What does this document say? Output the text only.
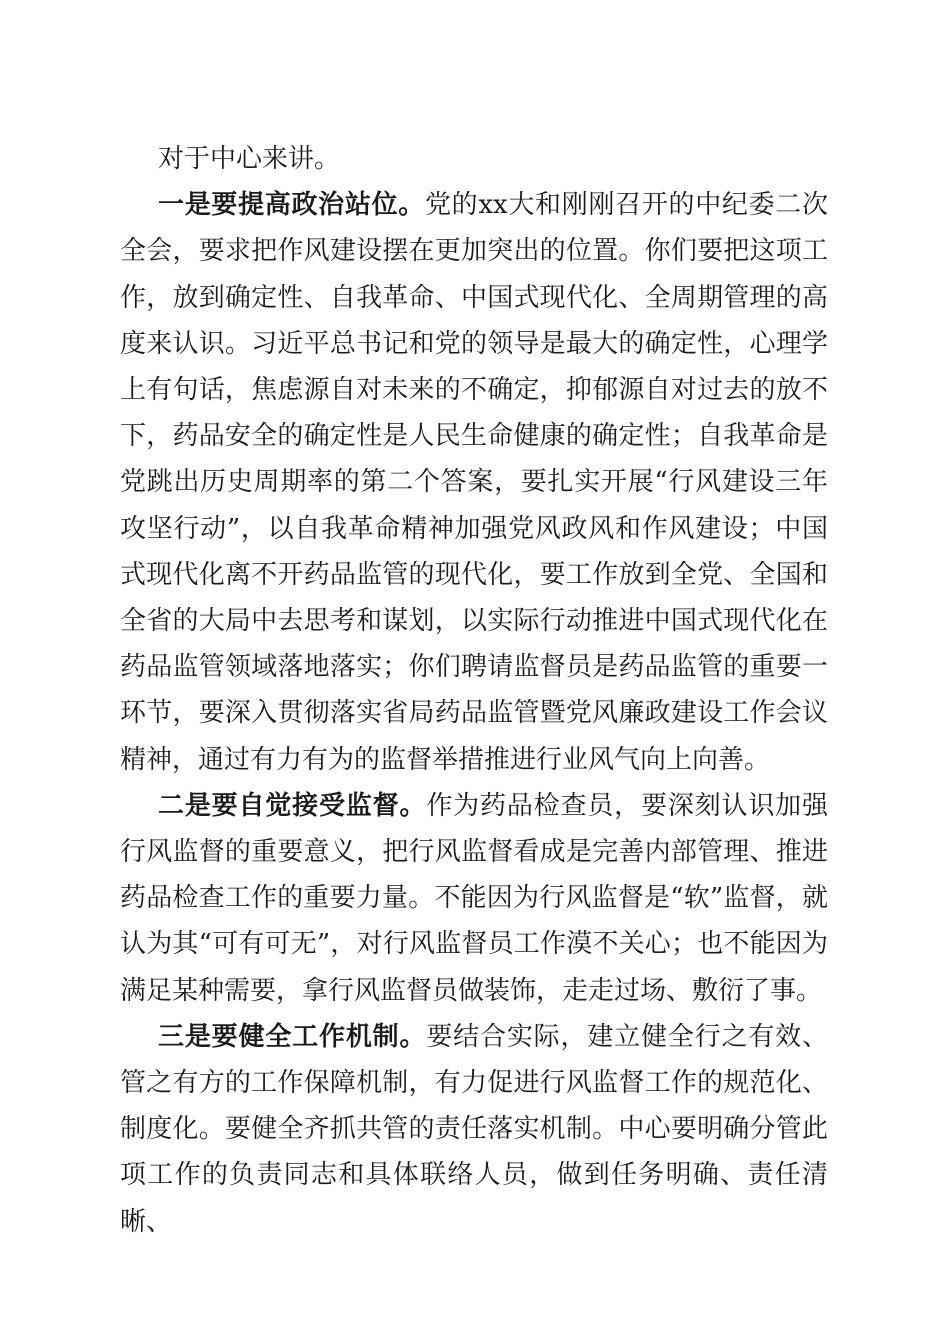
对于中心来讲。

一是要提高政治站位。党的xx大和刚刚召开的中纪委二次全会，要求把作风建设摆在更加突出的位置。你们要把这项工作，放到确定性、自我革命、中国式现代化、全周期管理的高度来认识。习近平总书记和党的领导是最大的确定性，心理学上有句话，焦虑源自对未来的不确定，抑郁源自对过去的放不下，药品安全的确定性是人民生命健康的确定性；自我革命是党跳出历史周期率的第二个答案，要扎实开展“行风建设三年攻坚行动”，以自我革命精神加强党风政风和作风建设；中国式现代化离不开药品监管的现代化，要工作放到全党、全国和全省的大局中去思考和谋划，以实际行动推进中国式现代化在药品监管领域落地落实；你们聘请监督员是药品监管的重要一环节，要深入贯彻落实省局药品监管暨党风廉政建设工作会议精神，通过有力有为的监督举措推进行业风气向上向善。

二是要自觉接受监督。作为药品检查员，要深刻认识加强行风监督的重要意义，把行风监督看成是完善内部管理、推进药品检查工作的重要力量。不能因为行风监督是“软”监督，就认为其“可有可无”，对行风监督员工作漠不关心；也不能因为满足某种需要，拿行风监督员做装饰，走走过场、敷衍了事。

三是要健全工作机制。要结合实际，建立健全行之有效、管之有方的工作保障机制，有力促进行风监督工作的规范化、制度化。要健全齐抓共管的责任落实机制。中心要明确分管此项工作的负责同志和具体联络人员，做到任务明确、责任清晰、
